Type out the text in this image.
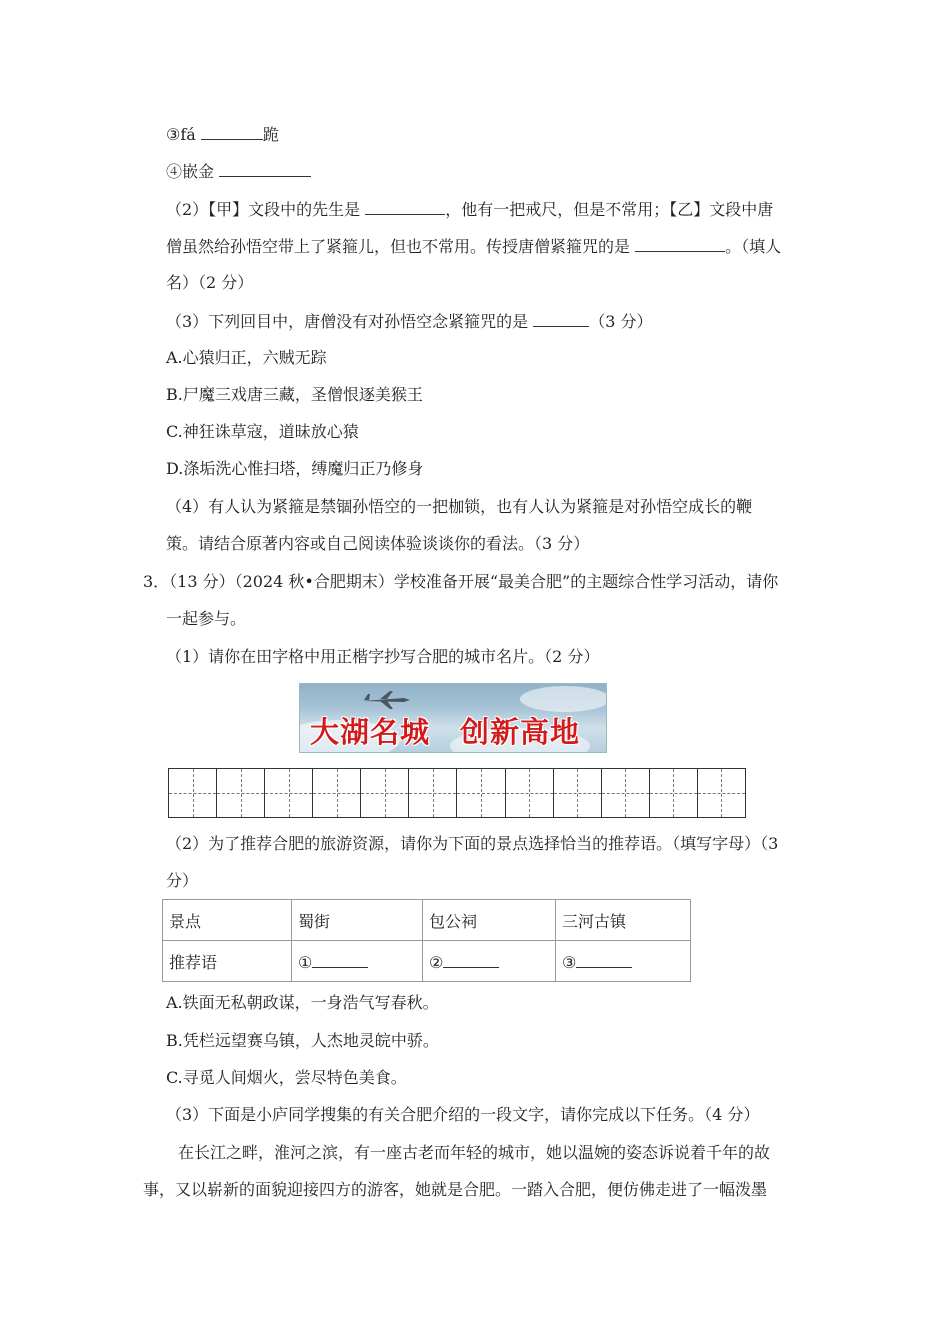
③fá	跪
④嵌金
（2）【甲】文段中的先生是	，他有一把戒尺，但是不常用；【乙】文段中唐
僧虽然给孙悟空带上了紧箍儿，但也不常用。传授唐僧紧箍咒的是	。（填人
名）（2 分）
（3）下列回目中，唐僧没有对孙悟空念紧箍咒的是	（3 分）
A.心猿归正，六贼无踪
B.尸魔三戏唐三藏，圣僧恨逐美猴王
C.神狂诛草寇，道昧放心猿
D.涤垢洗心惟扫塔，缚魔归正乃修身
（4）有人认为紧箍是禁锢孙悟空的一把枷锁，也有人认为紧箍是对孙悟空成长的鞭
策。请结合原著内容或自己阅读体验谈谈你的看法。（3 分）
3．（13 分）（2024 秋•合肥期末）学校准备开展“最美合肥”的主题综合性学习活动，请你
一起参与。
（1）请你在田字格中用正楷字抄写合肥的城市名片。（2 分）
大湖名城　创新高地
（2）为了推荐合肥的旅游资源，请你为下面的景点选择恰当的推荐语。（填写字母）（3
分）
景点	蜀街	包公祠	三河古镇
推荐语	①	②	③
A.铁面无私朝政谋，一身浩气写春秋。
B.凭栏远望赛乌镇，人杰地灵皖中骄。
C.寻觅人间烟火，尝尽特色美食。
（3）下面是小庐同学搜集的有关合肥介绍的一段文字，请你完成以下任务。（4 分）
在长江之畔，淮河之滨，有一座古老而年轻的城市，她以温婉的姿态诉说着千年的故
事，又以崭新的面貌迎接四方的游客，她就是合肥。一踏入合肥，便仿佛走进了一幅泼墨
